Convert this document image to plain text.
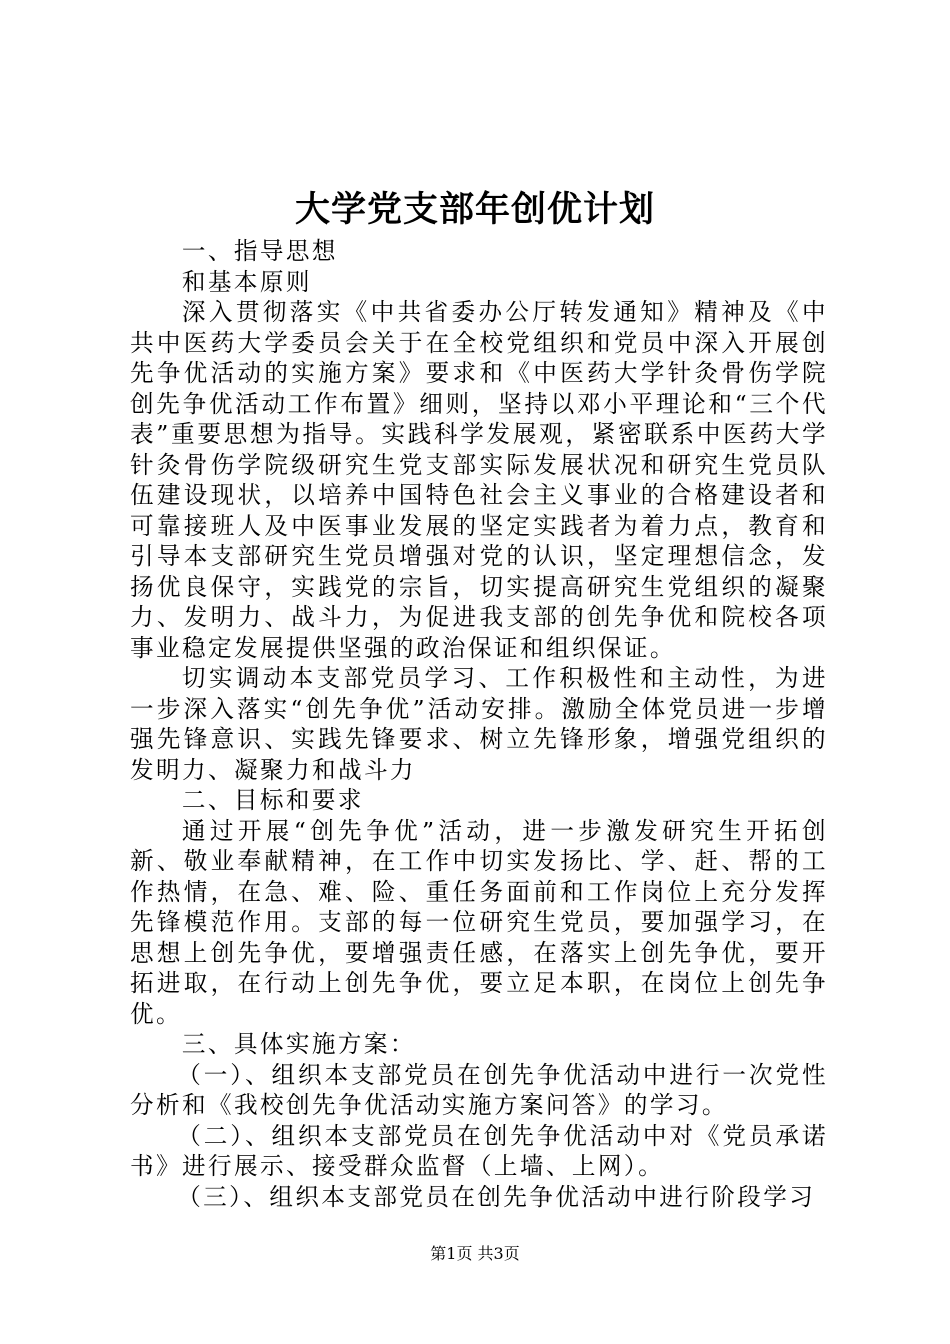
大学党支部年创优计划

一、指导思想

和基本原则

深入贯彻落实《中共省委办公厅转发通知》精神及《中共中医药大学委员会关于在全校党组织和党员中深入开展创先争优活动的实施方案》要求和《中医药大学针灸骨伤学院创先争优活动工作布置》细则，坚持以邓小平理论和“三个代表”重要思想为指导。实践科学发展观，紧密联系中医药大学针灸骨伤学院级研究生党支部实际发展状况和研究生党员队伍建设现状，以培养中国特色社会主义事业的合格建设者和可靠接班人及中医事业发展的坚定实践者为着力点，教育和引导本支部研究生党员增强对党的认识，坚定理想信念，发扬优良保守，实践党的宗旨，切实提高研究生党组织的凝聚力、发明力、战斗力，为促进我支部的创先争优和院校各项事业稳定发展提供坚强的政治保证和组织保证。

切实调动本支部党员学习、工作积极性和主动性，为进一步深入落实“创先争优”活动安排。激励全体党员进一步增强先锋意识、实践先锋要求、树立先锋形象，增强党组织的发明力、凝聚力和战斗力

二、目标和要求

通过开展“创先争优”活动，进一步激发研究生开拓创新、敬业奉献精神，在工作中切实发扬比、学、赶、帮的工作热情，在急、难、险、重任务面前和工作岗位上充分发挥先锋模范作用。支部的每一位研究生党员，要加强学习，在思想上创先争优，要增强责任感，在落实上创先争优，要开拓进取，在行动上创先争优，要立足本职，在岗位上创先争优。

三、具体实施方案：

（一）、组织本支部党员在创先争优活动中进行一次党性分析和《我校创先争优活动实施方案问答》的学习。

（二）、组织本支部党员在创先争优活动中对《党员承诺书》进行展示、接受群众监督（上墙、上网）。

（三）、组织本支部党员在创先争优活动中进行阶段学习

第1页 共3页
